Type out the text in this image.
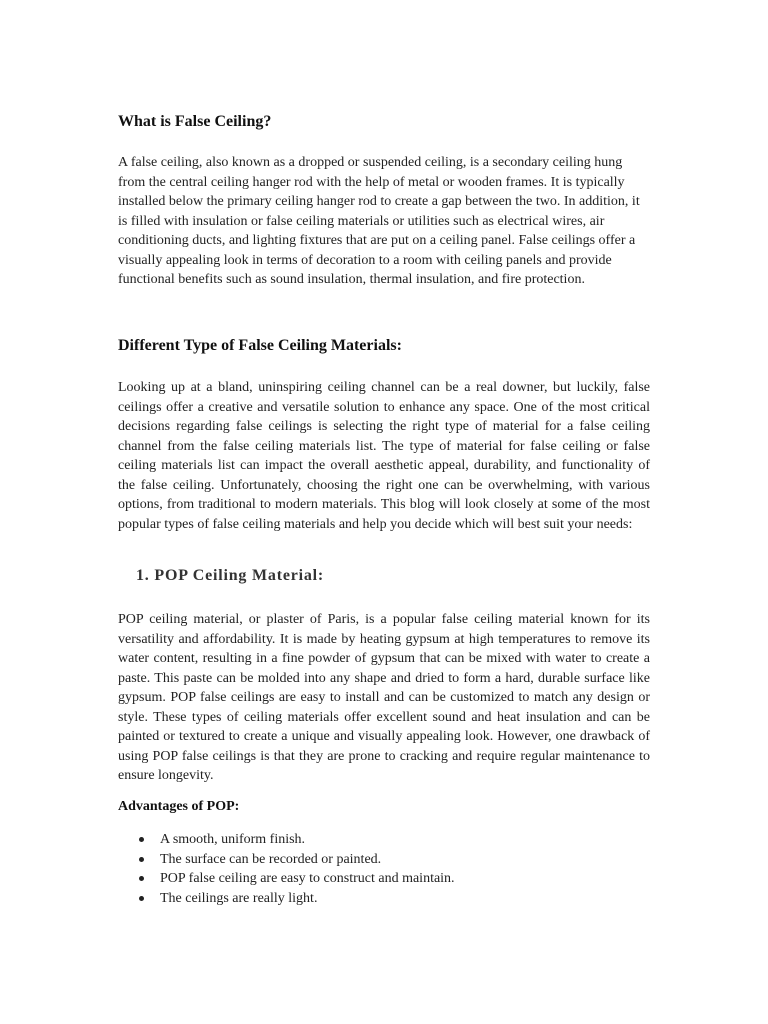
What is False Ceiling?

A false ceiling, also known as a dropped or suspended ceiling, is a secondary ceiling hung from the central ceiling hanger rod with the help of metal or wooden frames. It is typically installed below the primary ceiling hanger rod to create a gap between the two. In addition, it is filled with insulation or false ceiling materials or utilities such as electrical wires, air conditioning ducts, and lighting fixtures that are put on a ceiling panel. False ceilings offer a visually appealing look in terms of decoration to a room with ceiling panels and provide functional benefits such as sound insulation, thermal insulation, and fire protection.

Different Type of False Ceiling Materials:

Looking up at a bland, uninspiring ceiling channel can be a real downer, but luckily, false ceilings offer a creative and versatile solution to enhance any space. One of the most critical decisions regarding false ceilings is selecting the right type of material for a false ceiling channel from the false ceiling materials list. The type of material for false ceiling or false ceiling materials list can impact the overall aesthetic appeal, durability, and functionality of the false ceiling. Unfortunately, choosing the right one can be overwhelming, with various options, from traditional to modern materials. This blog will look closely at some of the most popular types of false ceiling materials and help you decide which will best suit your needs:

1. POP Ceiling Material:

POP ceiling material, or plaster of Paris, is a popular false ceiling material known for its versatility and affordability. It is made by heating gypsum at high temperatures to remove its water content, resulting in a fine powder of gypsum that can be mixed with water to create a paste. This paste can be molded into any shape and dried to form a hard, durable surface like gypsum. POP false ceilings are easy to install and can be customized to match any design or style. These types of ceiling materials offer excellent sound and heat insulation and can be painted or textured to create a unique and visually appealing look. However, one drawback of using POP false ceilings is that they are prone to cracking and require regular maintenance to ensure longevity.

Advantages of POP:
A smooth, uniform finish.
The surface can be recorded or painted.
POP false ceiling are easy to construct and maintain.
The ceilings are really light.
